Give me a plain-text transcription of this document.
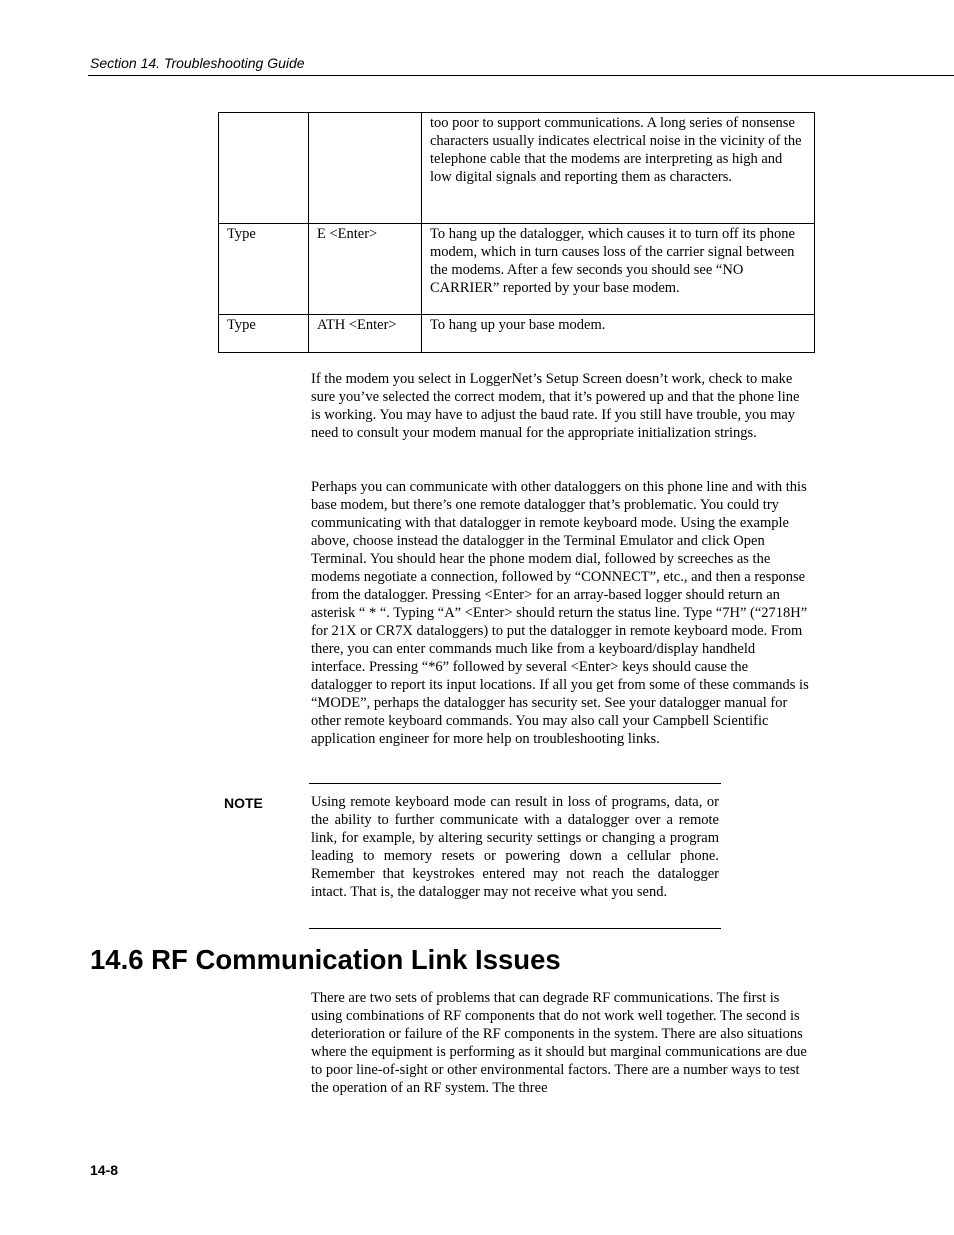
Section 14. Troubleshooting Guide
		too poor to support communications. A long series of nonsense characters usually indicates electrical noise in the vicinity of the telephone cable that the modems are interpreting as high and low digital signals and reporting them as characters.
Type	E <Enter>	To hang up the datalogger, which causes it to turn off its phone modem, which in turn causes loss of the carrier signal between the modems. After a few seconds you should see “NO CARRIER” reported by your base modem.
Type	ATH <Enter>	To hang up your base modem.

If the modem you select in LoggerNet’s Setup Screen doesn’t work, check to make sure you’ve selected the correct modem, that it’s powered up and that the phone line is working. You may have to adjust the baud rate. If you still have trouble, you may need to consult your modem manual for the appropriate initialization strings.

Perhaps you can communicate with other dataloggers on this phone line and with this base modem, but there’s one remote datalogger that’s problematic. You could try communicating with that datalogger in remote keyboard mode. Using the example above, choose instead the datalogger in the Terminal Emulator and click Open Terminal. You should hear the phone modem dial, followed by screeches as the modems negotiate a connection, followed by “CONNECT”, etc., and then a response from the datalogger. Pressing <Enter> for an array-based logger should return an asterisk “ * “. Typing “A” <Enter> should return the status line. Type “7H” (“2718H” for 21X or CR7X dataloggers) to put the datalogger in remote keyboard mode. From there, you can enter commands much like from a keyboard/display handheld interface. Pressing “*6” followed by several <Enter> keys should cause the datalogger to report its input locations. If all you get from some of these commands is “MODE”, perhaps the datalogger has security set. See your datalogger manual for other remote keyboard commands. You may also call your Campbell Scientific application engineer for more help on troubleshooting links.

NOTE	Using remote keyboard mode can result in loss of programs, data, or the ability to further communicate with a datalogger over a remote link, for example, by altering security settings or changing a program leading to memory resets or powering down a cellular phone. Remember that keystrokes entered may not reach the datalogger intact. That is, the datalogger may not receive what you send.

14.6 RF Communication Link Issues

There are two sets of problems that can degrade RF communications. The first is using combinations of RF components that do not work well together. The second is deterioration or failure of the RF components in the system. There are also situations where the equipment is performing as it should but marginal communications are due to poor line-of-sight or other environmental factors. There are a number ways to test the operation of an RF system. The three

14-8
